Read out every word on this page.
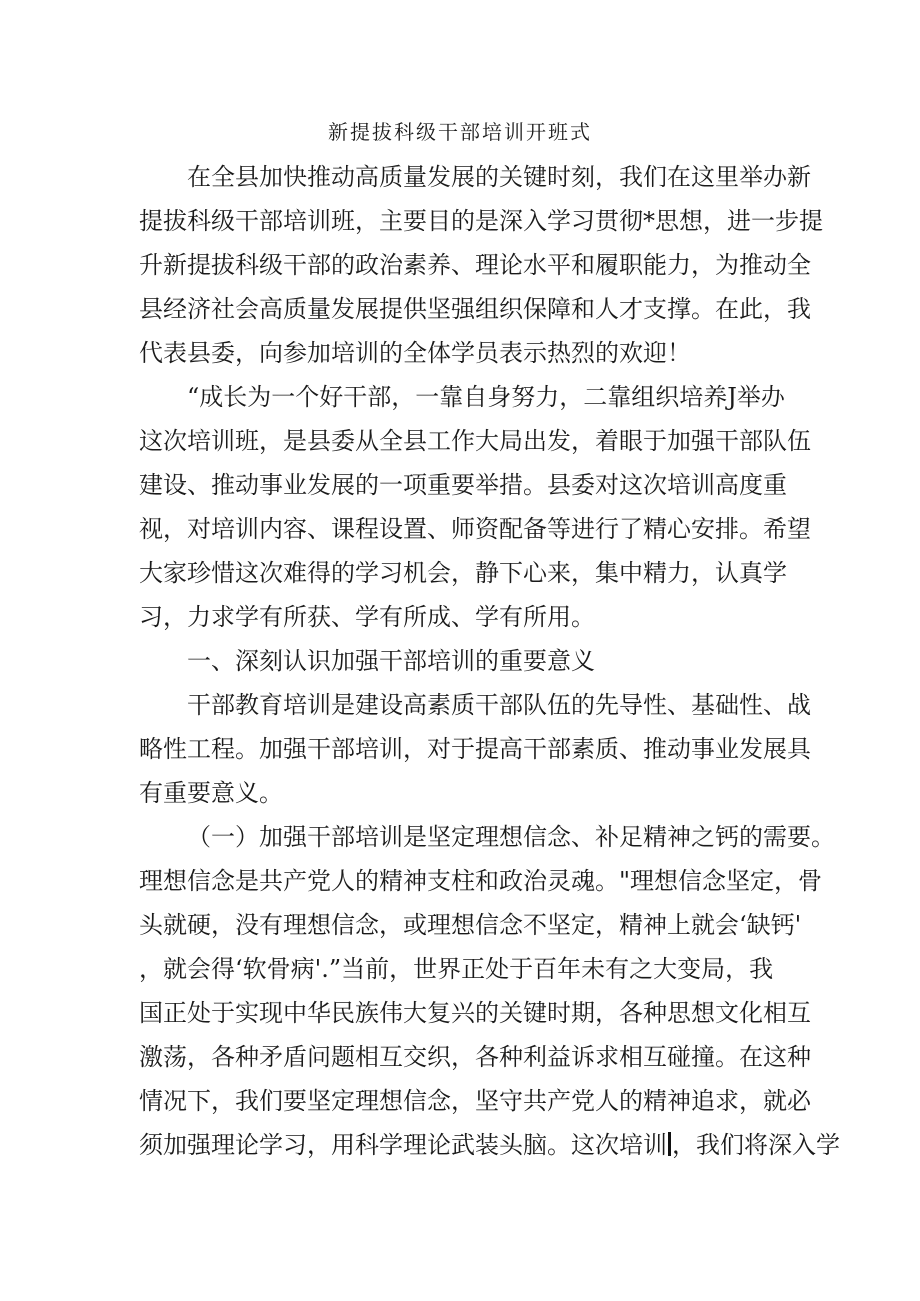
新提拔科级干部培训开班式
在全县加快推动高质量发展的关键时刻，我们在这里举办新
提拔科级干部培训班，主要目的是深入学习贯彻*思想，进一步提
升新提拔科级干部的政治素养、理论水平和履职能力，为推动全
县经济社会高质量发展提供坚强组织保障和人才支撑。在此，我
代表县委，向参加培训的全体学员表示热烈的欢迎！
“成长为一个好干部，一靠自身努力，二靠组织培养J举办
这次培训班，是县委从全县工作大局出发，着眼于加强干部队伍
建设、推动事业发展的一项重要举措。县委对这次培训高度重
视，对培训内容、课程设置、师资配备等进行了精心安排。希望
大家珍惜这次难得的学习机会，静下心来，集中精力，认真学
习，力求学有所获、学有所成、学有所用。
一、深刻认识加强干部培训的重要意义
干部教育培训是建设高素质干部队伍的先导性、基础性、战
略性工程。加强干部培训，对于提高干部素质、推动事业发展具
有重要意义。
（一）加强干部培训是坚定理想信念、补足精神之钙的需要。
理想信念是共产党人的精神支柱和政治灵魂。"理想信念坚定，骨
头就硬，没有理想信念，或理想信念不坚定，精神上就会‘缺钙'
，就会得‘软骨病'.”当前，世界正处于百年未有之大变局，我
国正处于实现中华民族伟大复兴的关键时期，各种思想文化相互
激荡，各种矛盾问题相互交织，各种利益诉求相互碰撞。在这种
情况下，我们要坚定理想信念，坚守共产党人的精神追求，就必
须加强理论学习，用科学理论武装头脑。这次培训 ，我们将深入学
